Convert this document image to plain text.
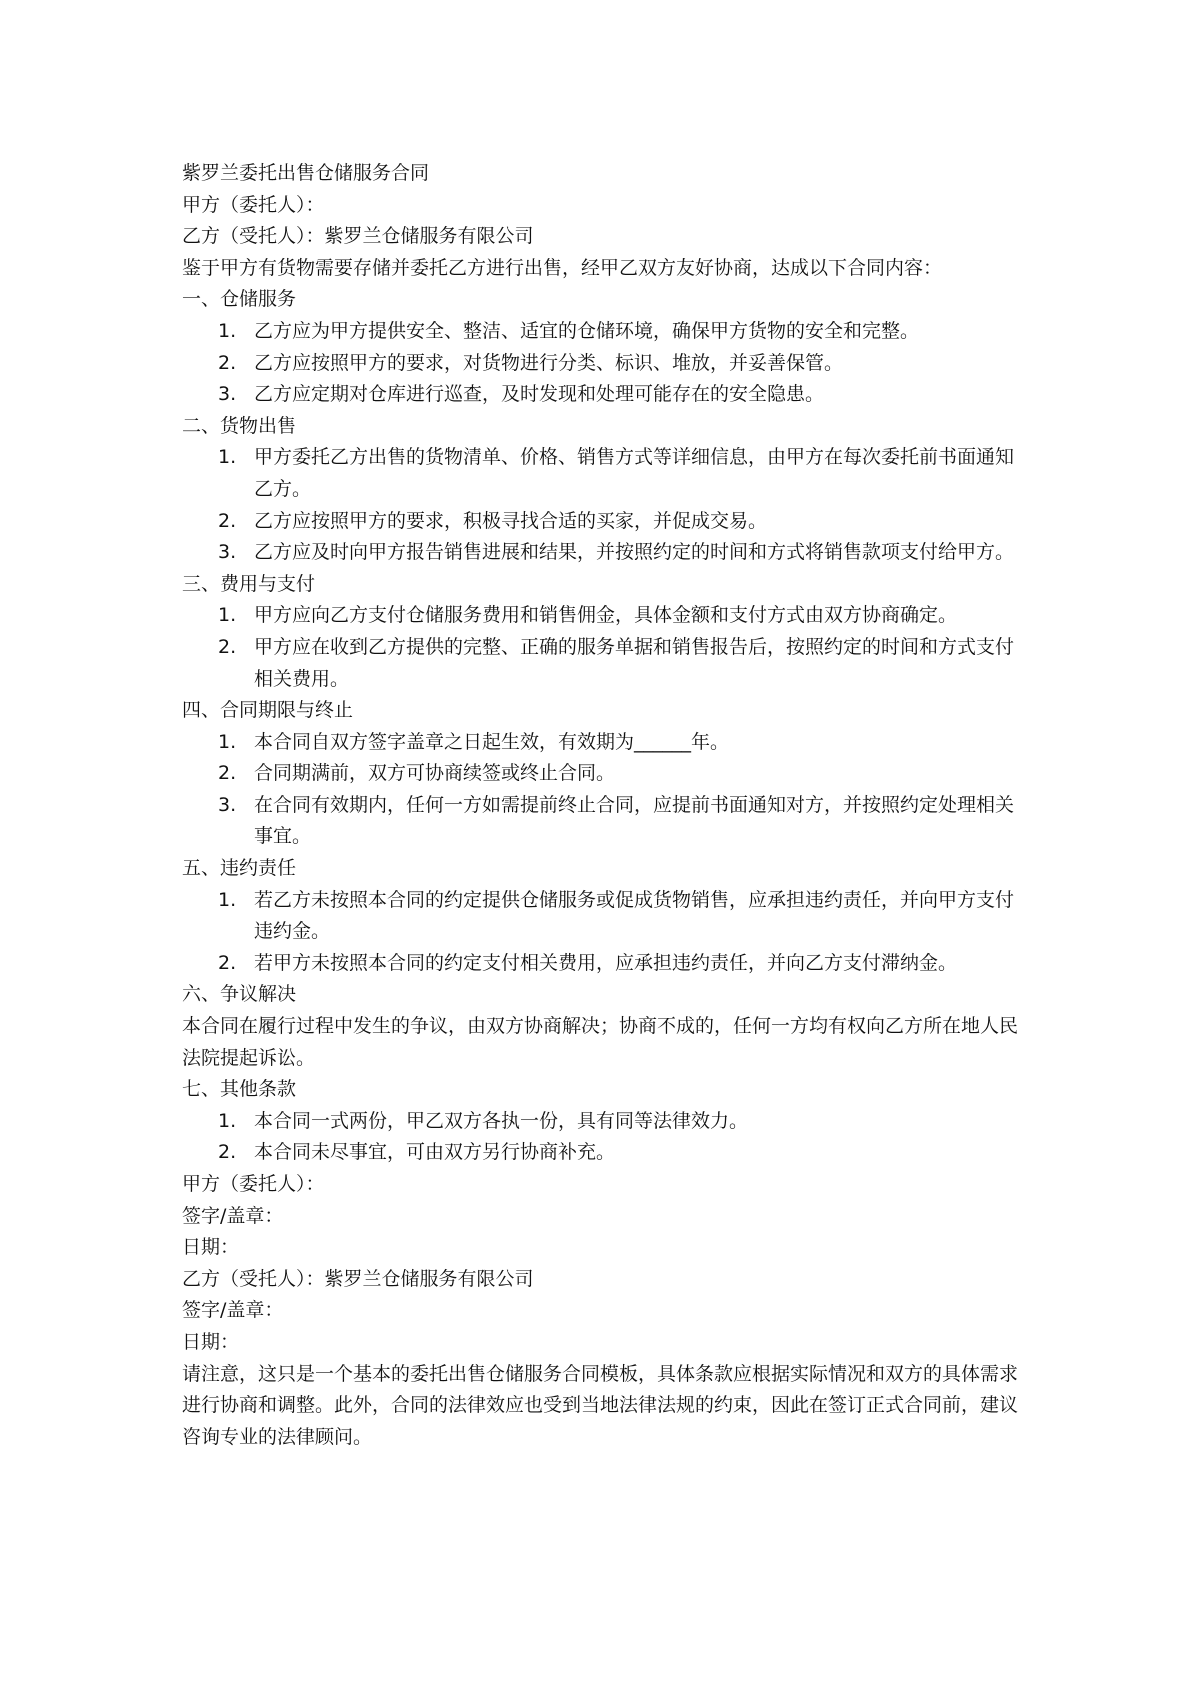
紫罗兰委托出售仓储服务合同

甲方（委托人）：

乙方（受托人）：紫罗兰仓储服务有限公司

鉴于甲方有货物需要存储并委托乙方进行出售，经甲乙双方友好协商，达成以下合同内容：

一、仓储服务

1. 乙方应为甲方提供安全、整洁、适宜的仓储环境，确保甲方货物的安全和完整。
2. 乙方应按照甲方的要求，对货物进行分类、标识、堆放，并妥善保管。
3. 乙方应定期对仓库进行巡查，及时发现和处理可能存在的安全隐患。

二、货物出售

1. 甲方委托乙方出售的货物清单、价格、销售方式等详细信息，由甲方在每次委托前书面通知乙方。
2. 乙方应按照甲方的要求，积极寻找合适的买家，并促成交易。
3. 乙方应及时向甲方报告销售进展和结果，并按照约定的时间和方式将销售款项支付给甲方。

三、费用与支付

1. 甲方应向乙方支付仓储服务费用和销售佣金，具体金额和支付方式由双方协商确定。
2. 甲方应在收到乙方提供的完整、正确的服务单据和销售报告后，按照约定的时间和方式支付相关费用。

四、合同期限与终止

1. 本合同自双方签字盖章之日起生效，有效期为______年。
2. 合同期满前，双方可协商续签或终止合同。
3. 在合同有效期内，任何一方如需提前终止合同，应提前书面通知对方，并按照约定处理相关事宜。

五、违约责任

1. 若乙方未按照本合同的约定提供仓储服务或促成货物销售，应承担违约责任，并向甲方支付违约金。
2. 若甲方未按照本合同的约定支付相关费用，应承担违约责任，并向乙方支付滞纳金。

六、争议解决

本合同在履行过程中发生的争议，由双方协商解决；协商不成的，任何一方均有权向乙方所在地人民法院提起诉讼。

七、其他条款

1. 本合同一式两份，甲乙双方各执一份，具有同等法律效力。
2. 本合同未尽事宜，可由双方另行协商补充。

甲方（委托人）：

签字/盖章：

日期：

乙方（受托人）：紫罗兰仓储服务有限公司

签字/盖章：

日期：

请注意，这只是一个基本的委托出售仓储服务合同模板，具体条款应根据实际情况和双方的具体需求进行协商和调整。此外，合同的法律效应也受到当地法律法规的约束，因此在签订正式合同前，建议咨询专业的法律顾问。
